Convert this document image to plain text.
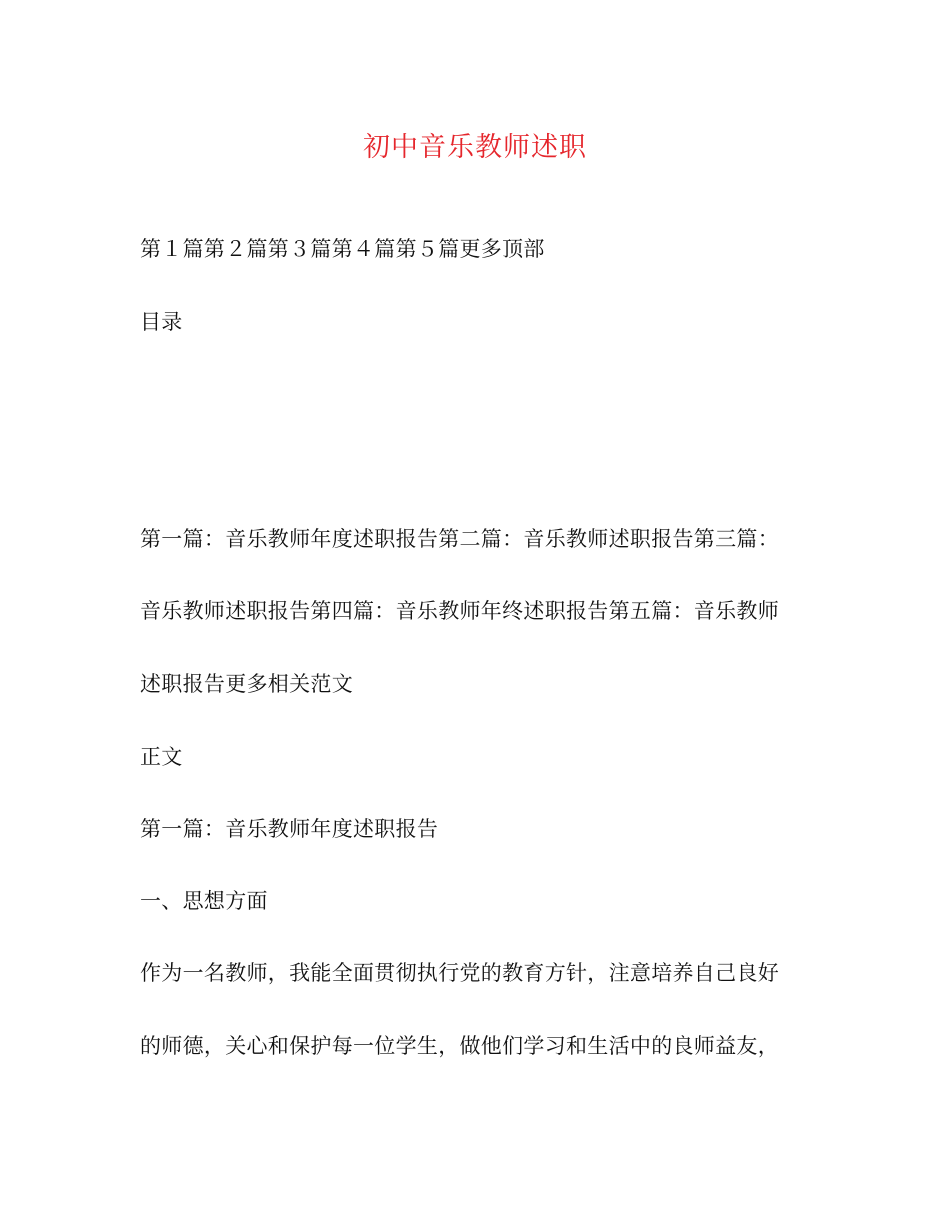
初中音乐教师述职
第１篇第２篇第３篇第４篇第５篇更多顶部
目录
第一篇：音乐教师年度述职报告第二篇：音乐教师述职报告第三篇：
音乐教师述职报告第四篇：音乐教师年终述职报告第五篇：音乐教师
述职报告更多相关范文
正文
第一篇：音乐教师年度述职报告
一、思想方面
作为一名教师，我能全面贯彻执行党的教育方针，注意培养自己良好
的师德，关心和保护每一位学生，做他们学习和生活中的良师益友，
